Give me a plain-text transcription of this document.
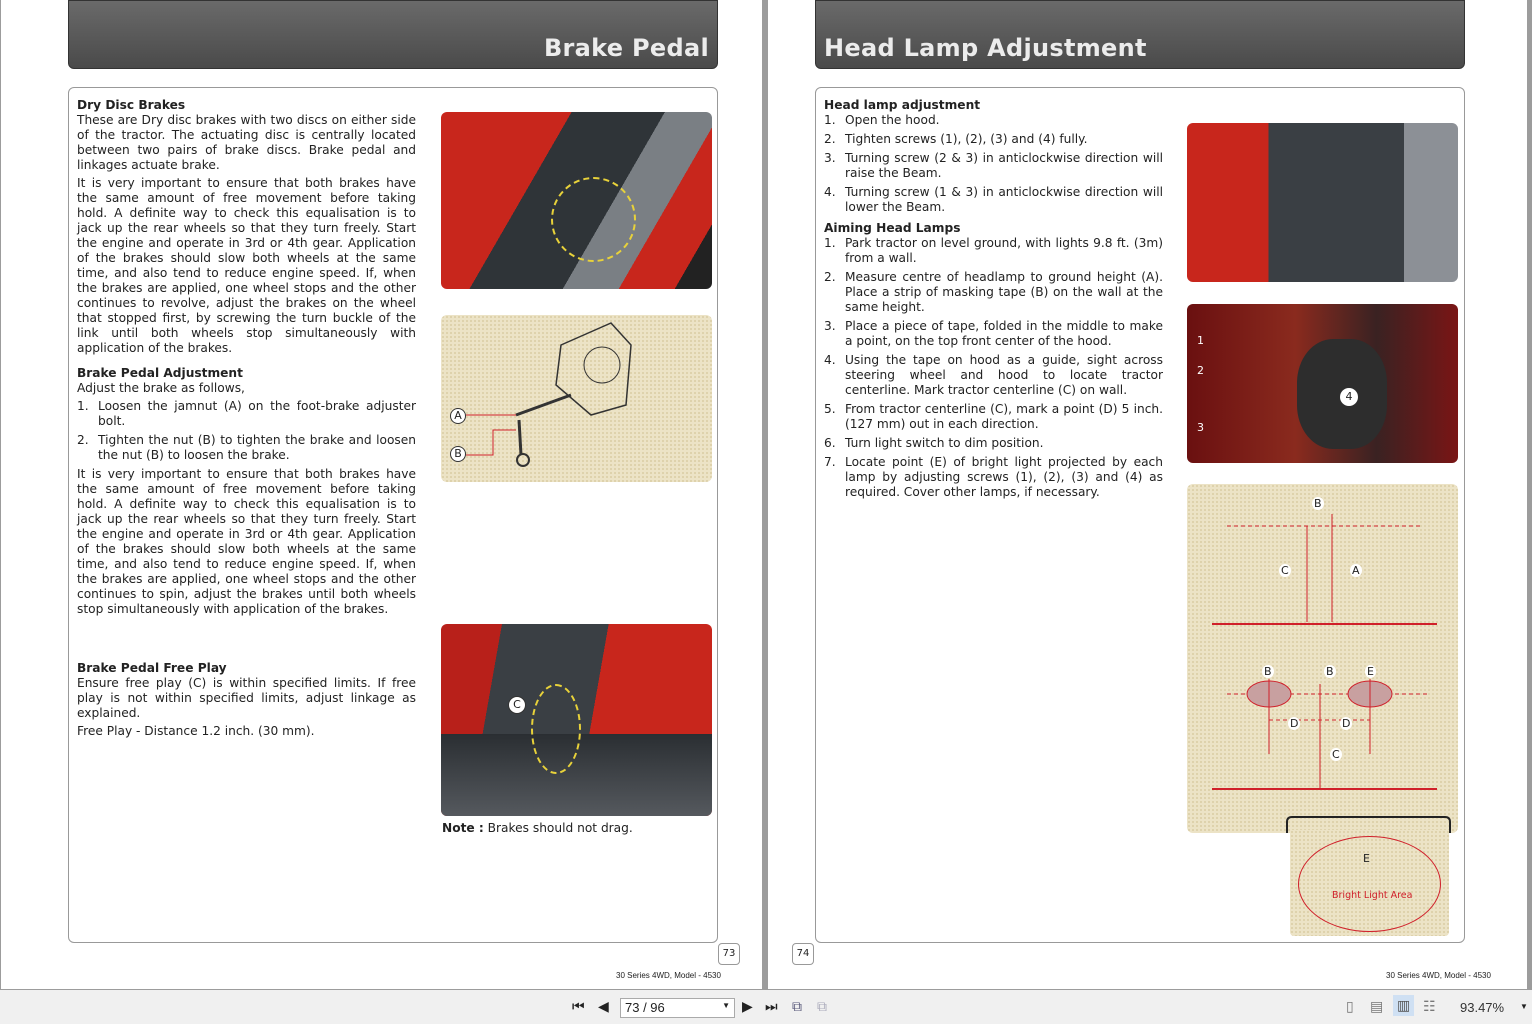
Brake Pedal
Dry Disc Brakes

These are Dry disc brakes with two discs on either side of the tractor. The actuating disc is centrally located between two pairs of brake discs. Brake pedal and linkages actuate brake.

It is very important to ensure that both brakes have the same amount of free movement before taking hold. A definite way to check this equalisation is to jack up the rear wheels so that they turn freely. Start the engine and operate in 3rd or 4th gear. Application of the brakes should slow both wheels at the same time, and also tend to reduce engine speed. If, when the brakes are applied, one wheel stops and the other continues to revolve, adjust the brakes on the wheel that stopped first, by screwing the turn buckle of the link until both wheels stop simultaneously with application of the brakes.

Brake Pedal Adjustment

Adjust the brake as follows,

1. Loosen the jamnut (A) on the foot-brake adjuster bolt.
2. Tighten the nut (B) to tighten the brake and loosen the nut (B) to loosen the brake.

It is very important to ensure that both brakes have the same amount of free movement before taking hold. A definite way to check this equalisation is to jack up the rear wheels so that they turn freely. Start the engine and operate in 3rd or 4th gear. Application of the brakes should slow both wheels at the same time, and also tend to reduce engine speed. If, when the brakes are applied, one wheel stops and the other continues to spin, adjust the brakes until both wheels stop simultaneously with application of the brakes.

Brake Pedal Free Play

Ensure free play (C) is within specified limits. If free play is not within specified limits, adjust linkage as explained.

Free Play - Distance 1.2 inch. (30 mm).

A
B
C
Note : Brakes should not drag.
73
30 Series 4WD, Model - 4530
Head Lamp Adjustment
Head lamp adjustment
1. Open the hood.
2. Tighten screws (1), (2), (3) and (4) fully.
3. Turning screw (2 & 3) in anticlockwise direction will raise the Beam.
4. Turning screw (1 & 3) in anticlockwise direction will lower the Beam.
Aiming Head Lamps
1. Park tractor on level ground, with lights 9.8 ft. (3m) from a wall.
2. Measure centre of headlamp to ground height (A). Place a strip of masking tape (B) on the wall at the same height.
3. Place a piece of tape, folded in the middle to make a point, on the top front center of the hood.
4. Using the tape on hood as a guide, sight across steering wheel and hood to locate tractor centerline. Mark tractor centerline (C) on wall.
5. From tractor centerline (C), mark a point (D) 5 inch. (127 mm) out in each direction.
6. Turn light switch to dim position.
7. Locate point (E) of bright light projected by each lamp by adjusting screws (1), (2), (3) and (4) as required. Cover other lamps, if necessary.
1
2
3
4
B
C	A
B	B	E
D	D
C
E
Bright Light Area
74
30 Series 4WD, Model - 4530
⏮ ◀	73 / 96	▼ ▶ ⏭ ⧉ ⧉	▯ ▤ ▥ ☷ 93.47% ▼
